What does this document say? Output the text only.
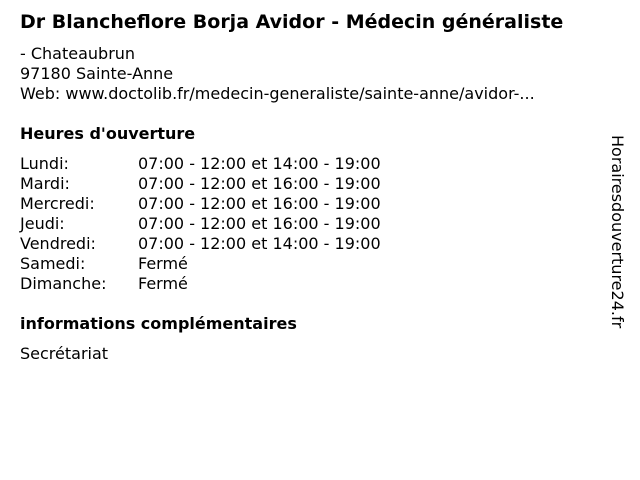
Dr Blancheflore Borja Avidor - Médecin généraliste
- Chateaubrun
97180 Sainte-Anne
Web: www.doctolib.fr/medecin-generaliste/sainte-anne/avidor-...
Heures d'ouverture
Lundi:	07:00 - 12:00 et 14:00 - 19:00
Mardi:	07:00 - 12:00 et 16:00 - 19:00
Mercredi:	07:00 - 12:00 et 16:00 - 19:00
Jeudi:	07:00 - 12:00 et 16:00 - 19:00
Vendredi:	07:00 - 12:00 et 14:00 - 19:00
Samedi:	Fermé
Dimanche: Fermé
informations complémentaires
Secrétariat
Horairesdouverture24.fr
